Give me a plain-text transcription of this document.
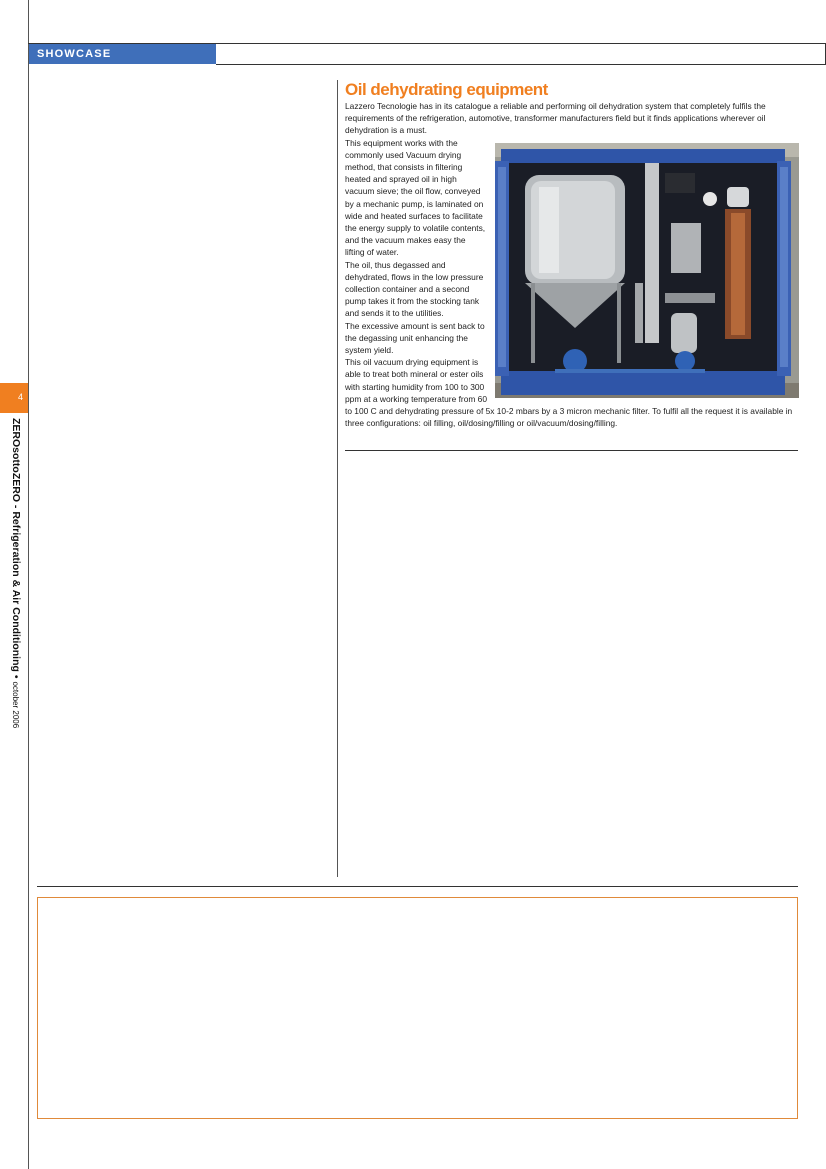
SHOWCASE
4
ZEROsottoZERO - Refrigeration & Air Conditioning • october 2006
Oil dehydrating equipment

Lazzero Tecnologie has in its catalogue a reliable and performing oil dehydration system that completely fulfils the requirements of the refrigeration, automotive, transformer manufacturers field but it finds applications wherever oil dehydration is a must.

This equipment works with the commonly used Vacuum drying method, that consists in filtering heated and sprayed oil in high vacuum sieve; the oil flow, conveyed by a mechanic pump, is laminated on wide and heated surfaces to facilitate the energy supply to volatile contents, and the vacuum makes easy the lifting of water.

The oil, thus degassed and dehydrated, flows in the low pressure collection container and a second pump takes it from the stocking tank and sends it to the utilities.

The excessive amount is sent back to the degassing unit enhancing the system yield.

This oil vacuum drying equipment is able to treat both mineral or ester oils with starting humidity from 100 to 300 ppm at a working temperature from 60 to 100 C and dehydrating pressure of 5x 10-2 mbars by a 3 micron mechanic filter. To fulfil all the request it is available in three configurations: oil filling, oil/dosing/filling or oil/vacuum/dosing/filling.
